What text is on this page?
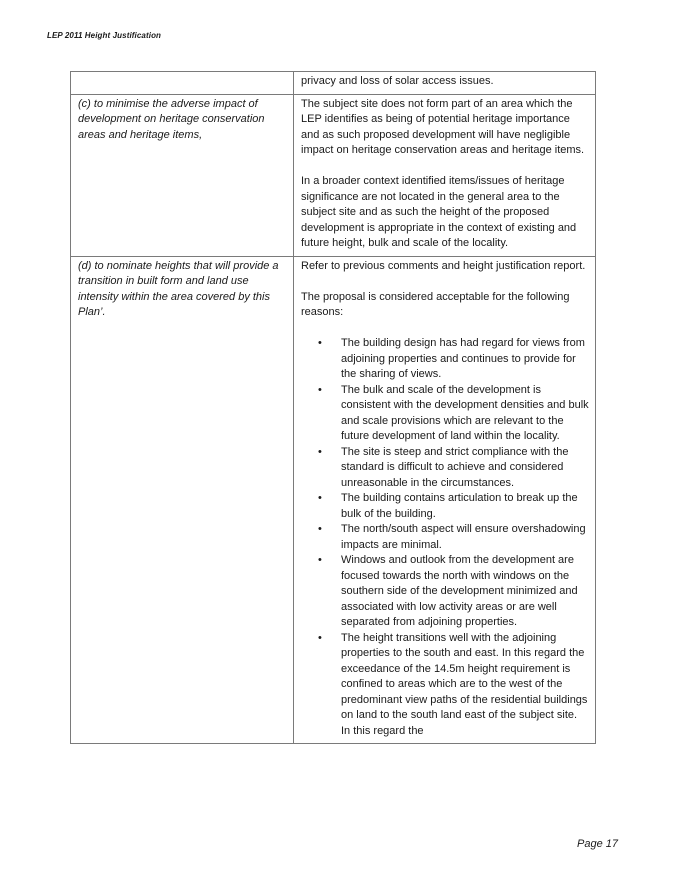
LEP 2011 Height Justification

privacy and loss of solar access issues.

(c) to minimise the adverse impact of development on heritage conservation areas and heritage items,

The subject site does not form part of an area which the LEP identifies as being of potential heritage importance and as such proposed development will have negligible impact on heritage conservation areas and heritage items.

In a broader context identified items/issues of heritage significance are not located in the general area to the subject site and as such the height of the proposed development is appropriate in the context of existing and future height, bulk and scale of the locality.

(d) to nominate heights that will provide a transition in built form and land use intensity within the area covered by this Plan’.

Refer to previous comments and height justification report.

The proposal is considered acceptable for the following reasons:

• The building design has had regard for views from adjoining properties and continues to provide for the sharing of views.
• The bulk and scale of the development is consistent with the development densities and bulk and scale provisions which are relevant to the future development of land within the locality.
• The site is steep and strict compliance with the standard is difficult to achieve and considered unreasonable in the circumstances.
• The building contains articulation to break up the bulk of the building.
• The north/south aspect will ensure overshadowing impacts are minimal.
• Windows and outlook from the development are focused towards the north with windows on the southern side of the development minimized and associated with low activity areas or are well separated from adjoining properties.
• The height transitions well with the adjoining properties to the south and east. In this regard the exceedance of the 14.5m height requirement is confined to areas which are to the west of the predominant view paths of the residential buildings on land to the south land east of the subject site. In this regard the
Page 17
